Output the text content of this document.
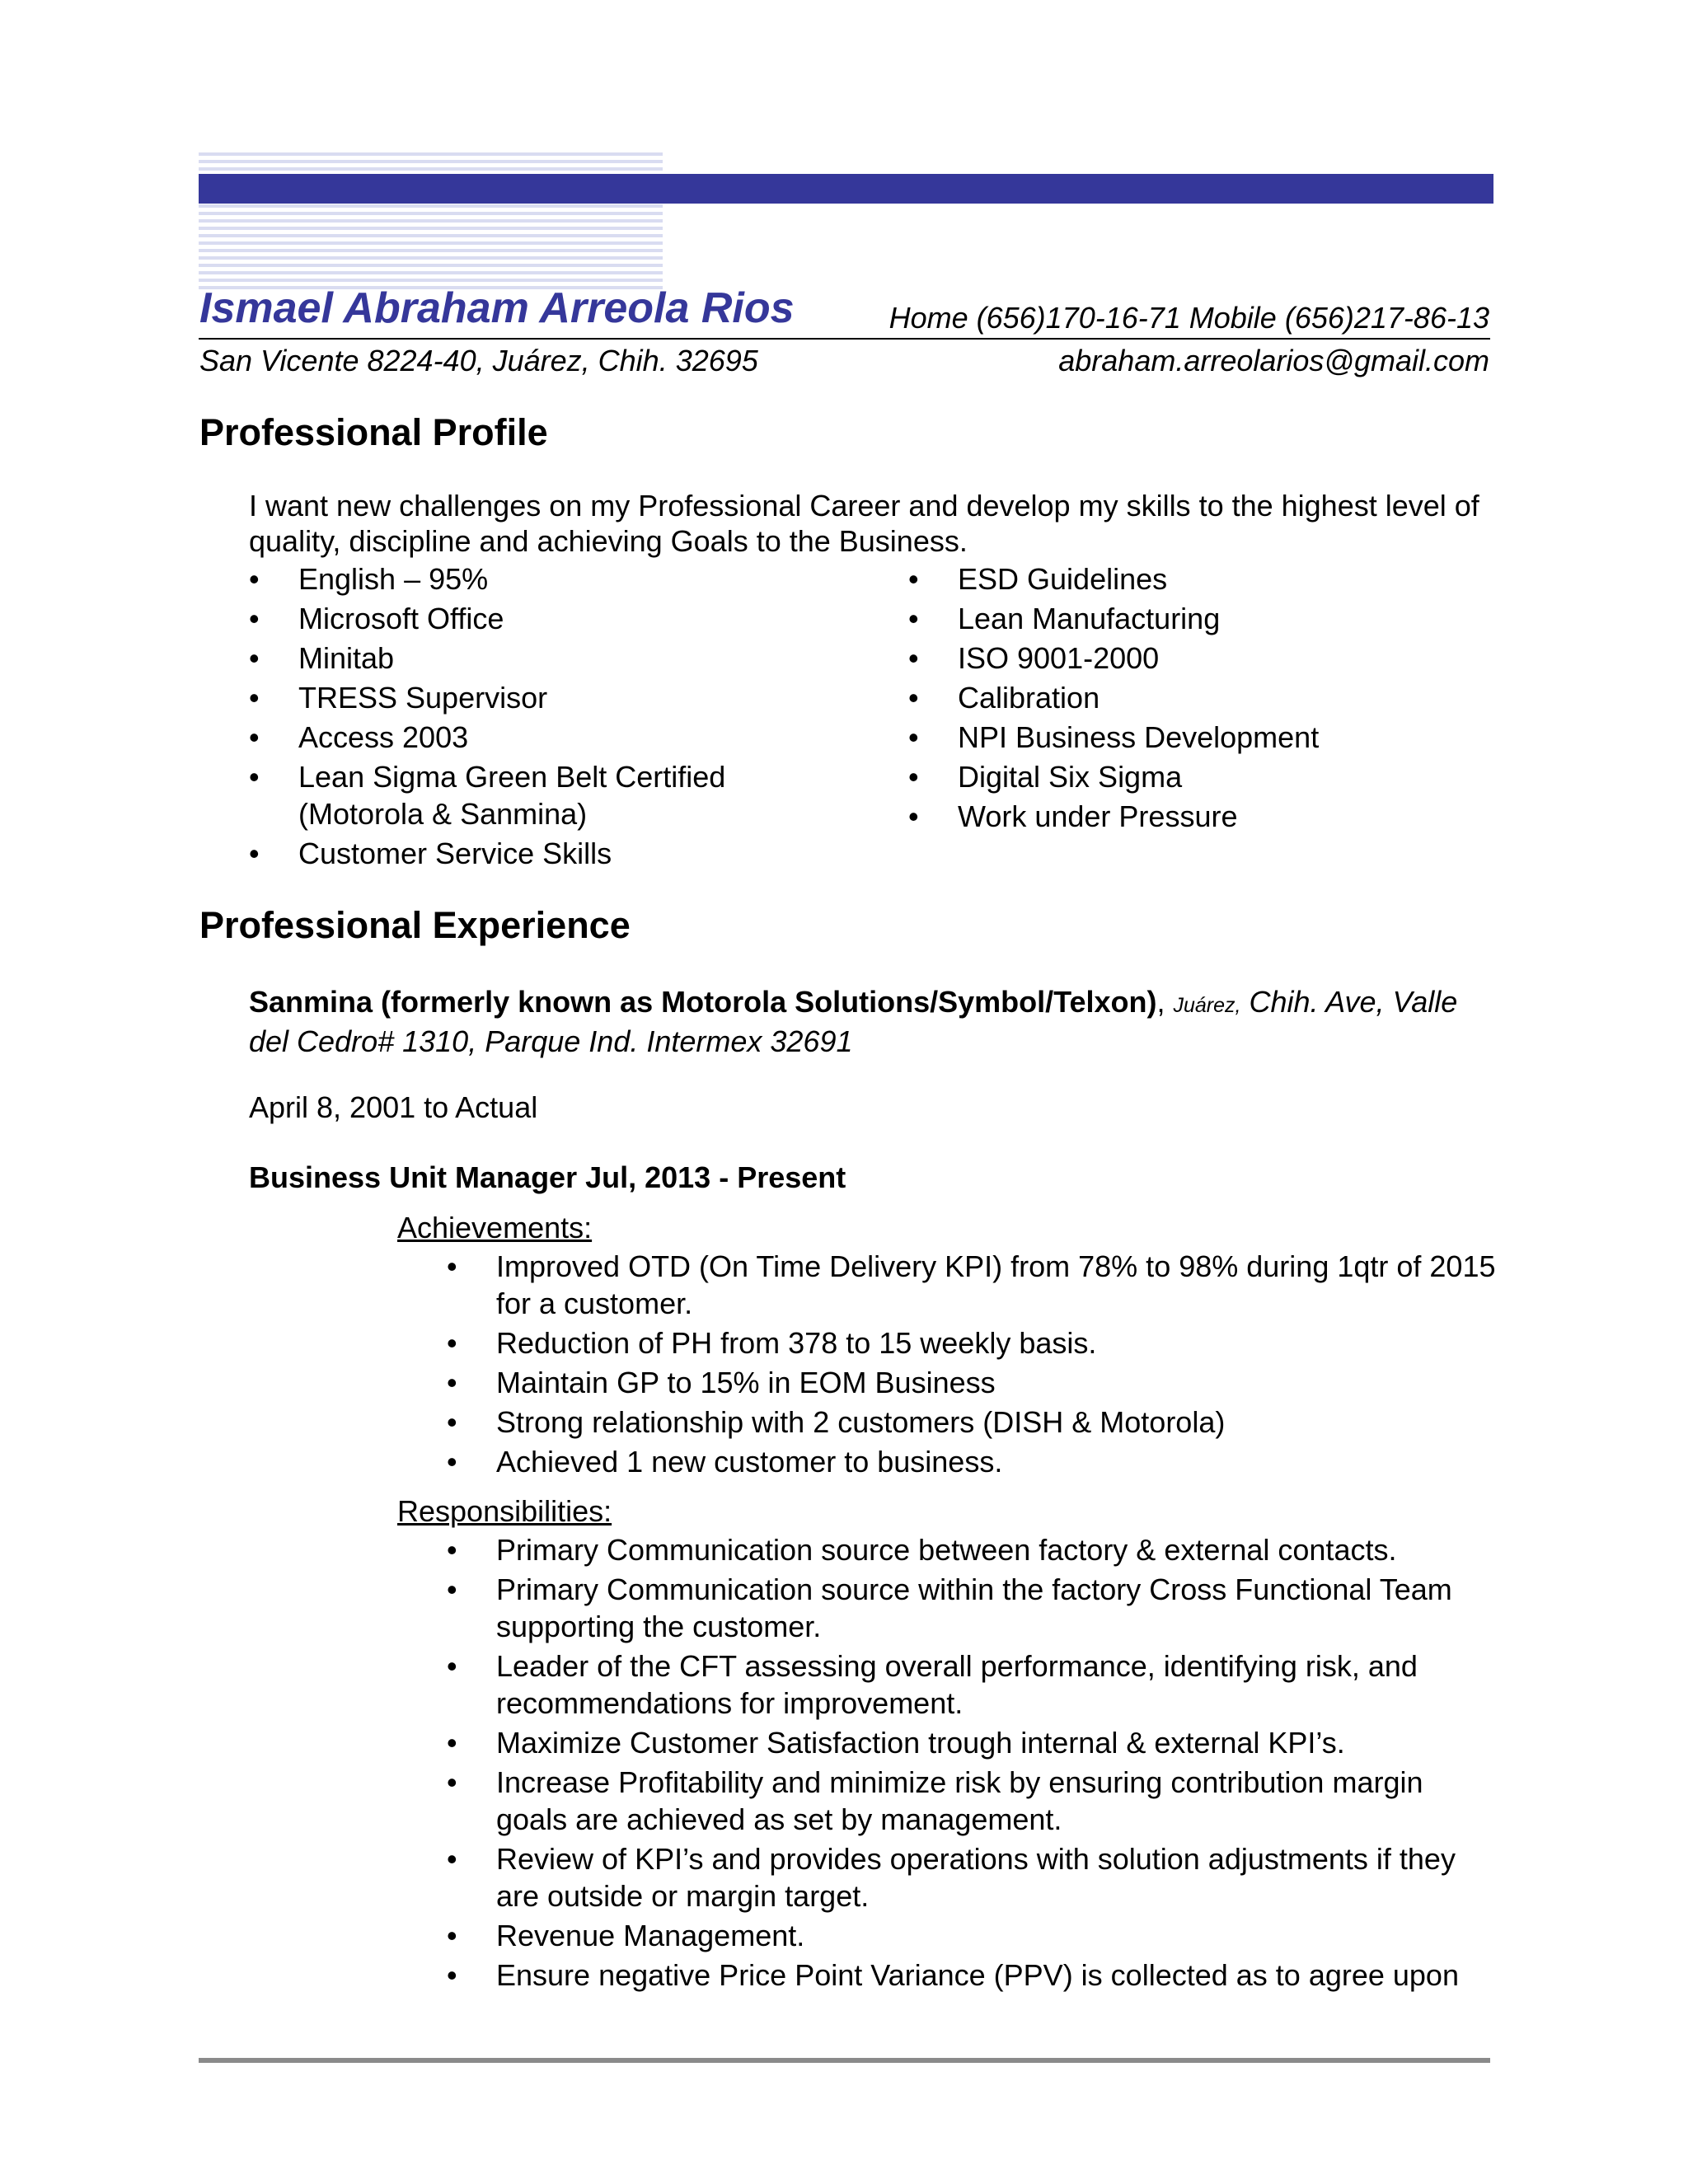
Ismael Abraham Arreola Rios	Home (656)170-16-71 Mobile (656)217-86-13
San Vicente 8224-40, Juárez, Chih. 32695	abraham.arreolarios@gmail.com
Professional Profile
I want new challenges on my Professional Career and develop my skills to the highest level of quality, discipline and achieving Goals to the Business.
• English – 95%
• Microsoft Office
• Minitab
• TRESS Supervisor
• Access 2003
• Lean Sigma Green Belt Certified
(Motorola & Sanmina)
• Customer Service Skills
• ESD Guidelines
• Lean Manufacturing
• ISO 9001-2000
• Calibration
• NPI Business Development
• Digital Six Sigma
• Work under Pressure
Professional Experience
Sanmina (formerly known as Motorola Solutions/Symbol/Telxon), Juárez, Chih. Ave, Valle del Cedro# 1310, Parque Ind. Intermex 32691
April 8, 2001 to Actual
Business Unit Manager Jul, 2013 - Present
Achievements:
• Improved OTD (On Time Delivery KPI) from 78% to 98% during 1qtr of 2015 for a customer.
• Reduction of PH from 378 to 15 weekly basis.
• Maintain GP to 15% in EOM Business
• Strong relationship with 2 customers (DISH & Motorola)
• Achieved 1 new customer to business.
Responsibilities:
• Primary Communication source between factory & external contacts.
• Primary Communication source within the factory Cross Functional Team supporting the customer.
• Leader of the CFT assessing overall performance, identifying risk, and recommendations for improvement.
• Maximize Customer Satisfaction trough internal & external KPI’s.
• Increase Profitability and minimize risk by ensuring contribution margin goals are achieved as set by management.
• Review of KPI’s and provides operations with solution adjustments if they are outside or margin target.
• Revenue Management.
• Ensure negative Price Point Variance (PPV) is collected as to agree upon
